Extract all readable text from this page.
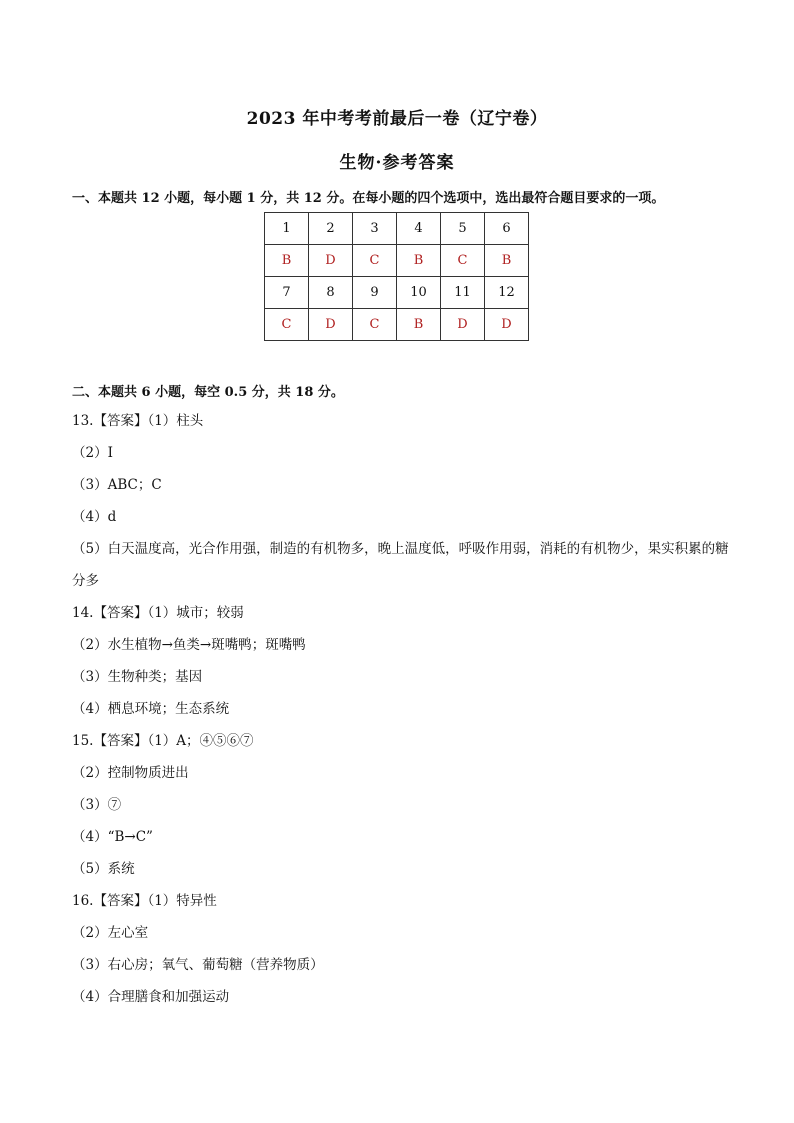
2023 年中考考前最后一卷（辽宁卷）
生物·参考答案
一、本题共 12 小题，每小题 1 分，共 12 分。在每小题的四个选项中，选出最符合题目要求的一项。
1	2	3	4	5	6
B	D	C	B	C	B
7	8	9	10	11	12
C	D	C	B	D	D
二、本题共 6 小题，每空 0.5 分，共 18 分。
13.【答案】（1）柱头
（2）I
（3）ABC；C
（4）d
（5）白天温度高，光合作用强，制造的有机物多，晚上温度低，呼吸作用弱，消耗的有机物少，果实积累的糖分多
14.【答案】（1）城市；较弱
（2）水生植物→鱼类→斑嘴鸭；斑嘴鸭
（3）生物种类；基因
（4）栖息环境；生态系统
15.【答案】（1）A；④⑤⑥⑦
（2）控制物质进出
（3）⑦
（4）“B→C”
（5）系统
16.【答案】（1）特异性
（2）左心室
（3）右心房；氧气、葡萄糖（营养物质）
（4）合理膳食和加强运动
